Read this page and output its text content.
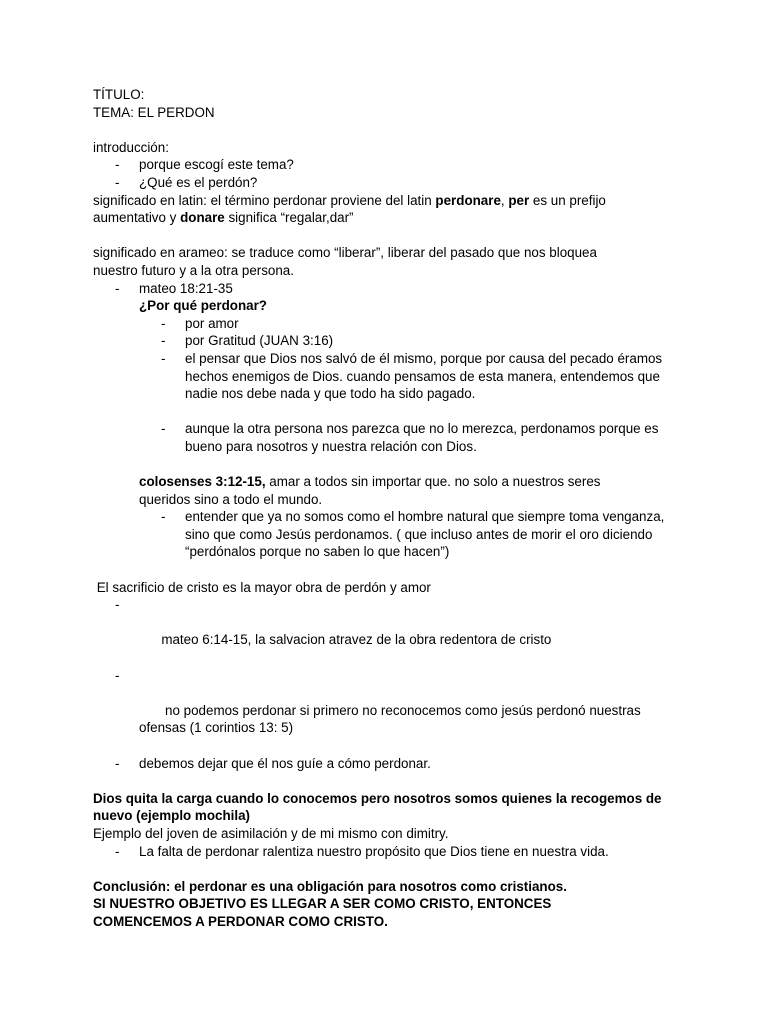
TÍTULO:
TEMA: EL PERDON
introducción:
- porque escogí este tema?
- ¿Qué es el perdón?
significado en latin: el término perdonar proviene del latin perdonare, per es un prefijo aumentativo y donare significa “regalar,dar”
significado en arameo: se traduce como “liberar”, liberar del pasado que nos bloquea nuestro futuro y a la otra persona.
- mateo 18:21-35
¿Por qué perdonar?
- por amor
- por Gratitud (JUAN 3:16)
- el pensar que Dios nos salvó de él mismo, porque por causa del pecado éramos hechos enemigos de Dios. cuando pensamos de esta manera, entendemos que nadie nos debe nada y que todo ha sido pagado.
- aunque la otra persona nos parezca que no lo merezca, perdonamos porque es bueno para nosotros y nuestra relación con Dios.
colosenses 3:12-15, amar a todos sin importar que. no solo a nuestros seres queridos sino a todo el mundo.
- entender que ya no somos como el hombre natural que siempre toma venganza, sino que como Jesús perdonamos. ( que incluso antes de morir el oro diciendo “perdónalos porque no saben lo que hacen”)
El sacrificio de cristo es la mayor obra de perdón y amor

-

mateo 6:14-15, la salvacion atravez de la obra redentora de cristo

-

no podemos perdonar si primero no reconocemos como jesús perdonó nuestras ofensas (1 corintios 13: 5)

- debemos dejar que él nos guíe a cómo perdonar.
Dios quita la carga cuando lo conocemos pero nosotros somos quienes la recogemos de nuevo (ejemplo mochila)
Ejemplo del joven de asimilación y de mi mismo con dimitry.
- La falta de perdonar ralentiza nuestro propósito que Dios tiene en nuestra vida.
Conclusión: el perdonar es una obligación para nosotros como cristianos.
SI NUESTRO OBJETIVO ES LLEGAR A SER COMO CRISTO, ENTONCES COMENCEMOS A PERDONAR COMO CRISTO.
